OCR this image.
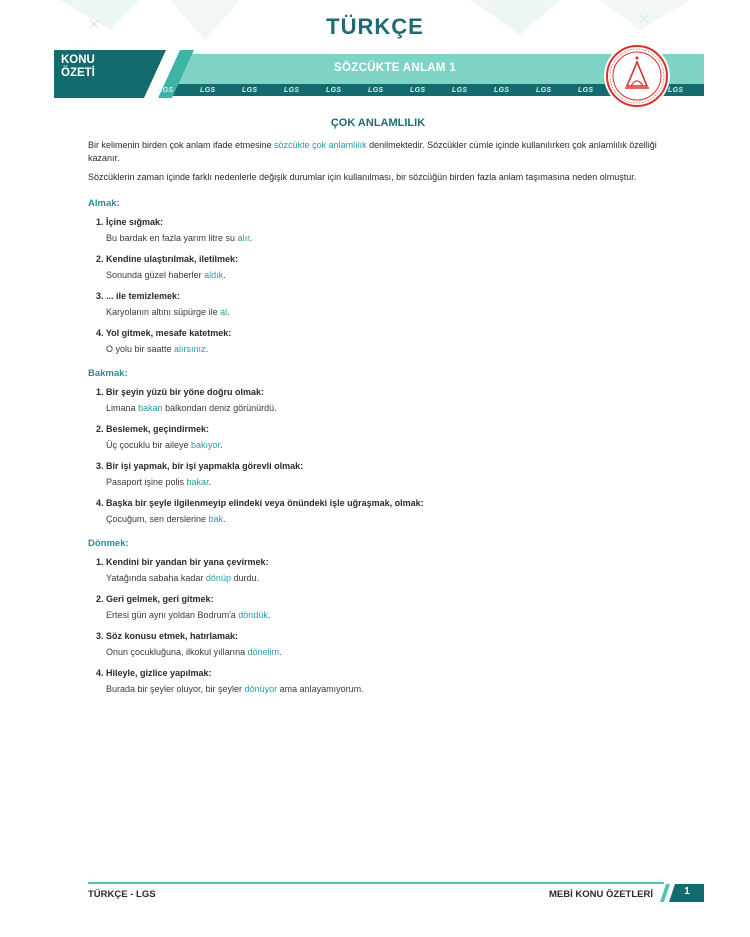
TÜRKÇE
KONU
ÖZETİ	SÖZCÜKTE ANLAM 1
LGS	LGS	LGS	LGS	LGS	LGS	LGS	LGS	LGS	LGS	LGS	LGS
ÇOK ANLAMLILIK

Bir kelimenin birden çok anlam ifade etmesine sözcükte çok anlamlılık denilmektedir. Sözcükler cümle içinde kullanılırken çok anlamlılık özelliği kazanır.

Sözcüklerin zaman içinde farklı nedenlerle değişik durumlar için kullanılması, bir sözcüğün birden fazla anlam taşımasına neden olmuştur.

Almak:
1. İçine sığmak:
Bu bardak en fazla yarım litre su alır.
2. Kendine ulaştırılmak, iletilmek:
Sonunda güzel haberler aldık.
3. ... ile temizlemek:
Karyolanın altını süpürge ile al.
4. Yol gitmek, mesafe katetmek:
O yolu bir saatte alırsınız.
Bakmak:
1. Bir şeyin yüzü bir yöne doğru olmak:
Limana bakan balkondan deniz görünürdü.
2. Beslemek, geçindirmek:
Üç çocuklu bir aileye bakıyor.
3. Bir işi yapmak, bir işi yapmakla görevli olmak:
Pasaport işine polis bakar.
4. Başka bir şeyle ilgilenmeyip elindeki veya önündeki işle uğraşmak, olmak:
Çocuğum, sen derslerine bak.
Dönmek:
1. Kendini bir yandan bir yana çevirmek:
Yatağında sabaha kadar dönüp durdu.
2. Geri gelmek, geri gitmek:
Ertesi gün aynı yoldan Bodrum'a döndük.
3. Söz konusu etmek, hatırlamak:
Onun çocukluğuna, ilkokul yıllarına dönelim.
4. Hileyle, gizlice yapılmak:
Burada bir şeyler oluyor, bir şeyler dönüyor ama anlayamıyorum.
TÜRKÇE - LGS	MEBİ KONU ÖZETLERİ	1
